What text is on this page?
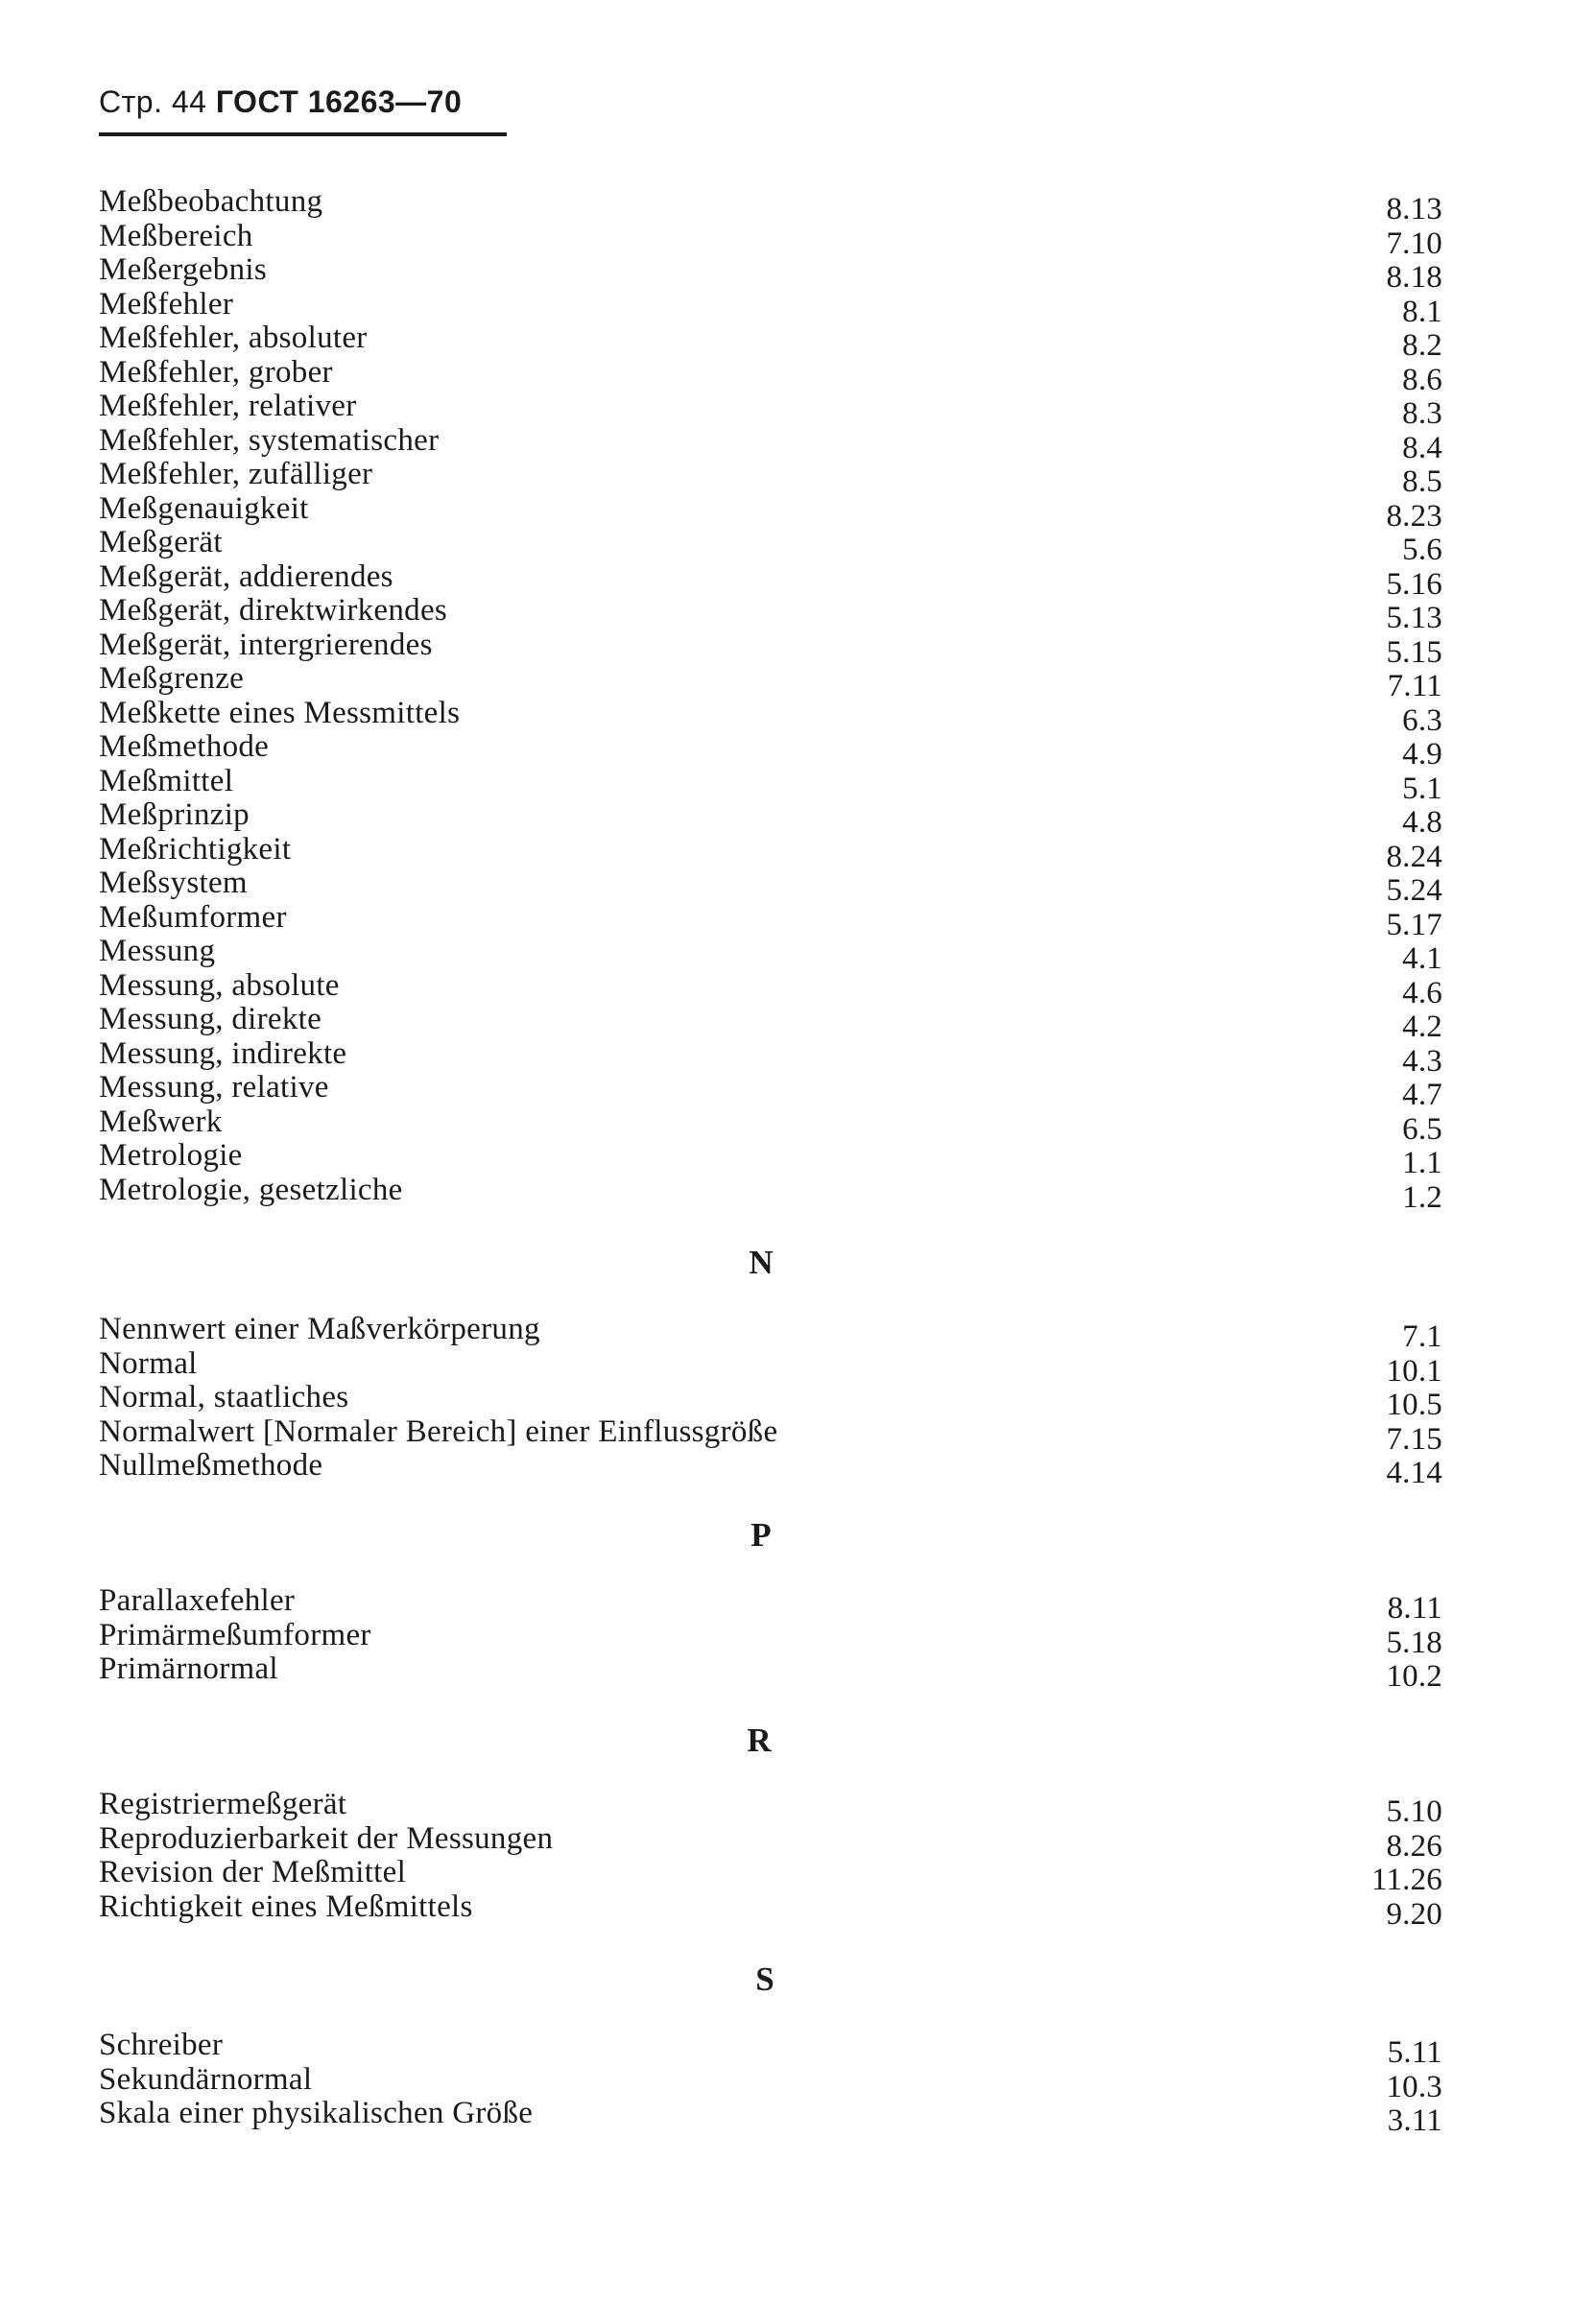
Стр. 44 ГОСТ 16263—70
Meßbeobachtung	8.13
Meßbereich	7.10
Meßergebnis	8.18
Meßfehler	8.1
Meßfehler, absoluter	8.2
Meßfehler, grober	8.6
Meßfehler, relativer	8.3
Meßfehler, systematischer	8.4
Meßfehler, zufälliger	8.5
Meßgenauigkeit	8.23
Meßgerät	5.6
Meßgerät, addierendes	5.16
Meßgerät, direktwirkendes	5.13
Meßgerät, intergrierendes	5.15
Meßgrenze	7.11
Meßkette eines Messmittels	6.3
Meßmethode	4.9
Meßmittel	5.1
Meßprinzip	4.8
Meßrichtigkeit	8.24
Meßsystem	5.24
Meßumformer	5.17
Messung	4.1
Messung, absolute	4.6
Messung, direkte	4.2
Messung, indirekte	4.3
Messung, relative	4.7
Meßwerk	6.5
Metrologie	1.1
Metrologie, gesetzliche	1.2
N
Nennwert einer Maßverkörperung	7.1
Normal	10.1
Normal, staatliches	10.5
Normalwert [Normaler Bereich] einer Einflussgröße	7.15
Nullmeßmethode	4.14
P
Parallaxefehler	8.11
Primärmeßumformer	5.18
Primärnormal	10.2
R
Registriermeßgerät	5.10
Reproduzierbarkeit der Messungen	8.26
Revision der Meßmittel	11.26
Richtigkeit eines Meßmittels	9.20
S
Schreiber	5.11
Sekundärnormal	10.3
Skala einer physikalischen Größe	3.11
